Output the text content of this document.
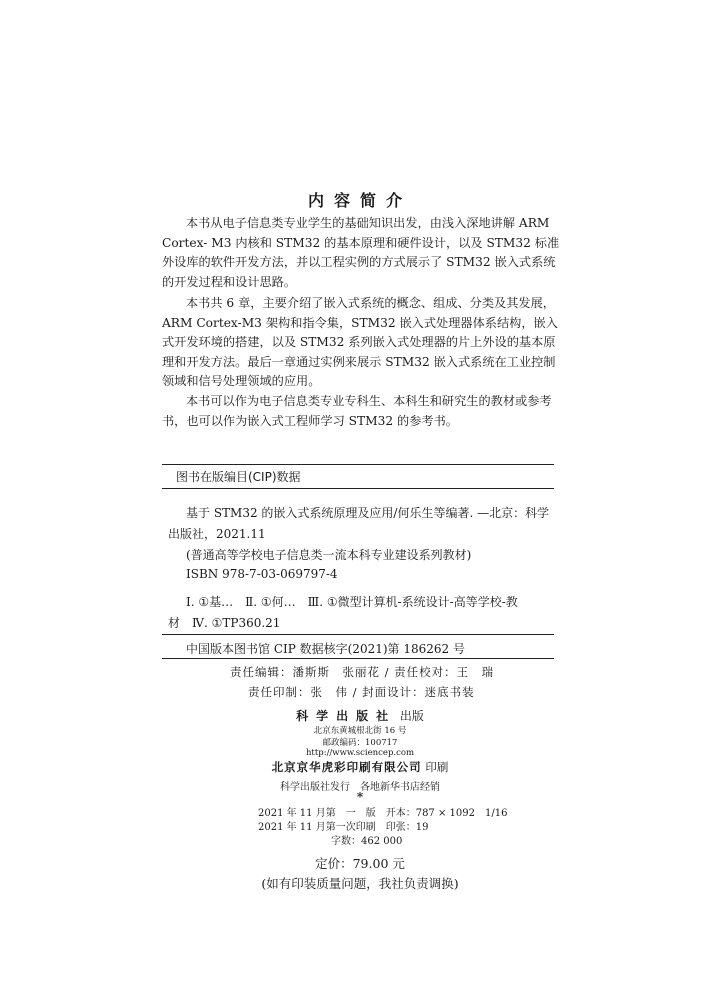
内容简介

本书从电子信息类专业学生的基础知识出发，由浅入深地讲解 ARM Cortex- M3 内核和 STM32 的基本原理和硬件设计，以及 STM32 标准外设库的软件开发方法，并以工程实例的方式展示了 STM32 嵌入式系统的开发过程和设计思路。

本书共 6 章，主要介绍了嵌入式系统的概念、组成、分类及其发展，ARM Cortex-M3 架构和指令集，STM32 嵌入式处理器体系结构，嵌入式开发环境的搭建，以及 STM32 系列嵌入式处理器的片上外设的基本原理和开发方法。最后一章通过实例来展示 STM32 嵌入式系统在工业控制领域和信号处理领域的应用。

本书可以作为电子信息类专业专科生、本科生和研究生的教材或参考书，也可以作为嵌入式工程师学习 STM32 的参考书。

图书在版编目(CIP)数据
基于 STM32 的嵌入式系统原理及应用/何乐生等编著. —北京：科学
出版社，2021.11
(普通高等学校电子信息类一流本科专业建设系列教材)
ISBN 978-7-03-069797-4
Ⅰ. ①基…　Ⅱ. ①何…　Ⅲ. ①微型计算机-系统设计-高等学校-教
材　Ⅳ. ①TP360.21
中国版本图书馆 CIP 数据核字(2021)第 186262 号
责任编辑：潘斯斯　张丽花 / 责任校对：王　瑞
责任印制：张　伟 / 封面设计：迷底书装
科学出版社 出版
北京东黄城根北街 16 号
邮政编码：100717
http://www.sciencep.com
北京京华虎彩印刷有限公司 印刷
科学出版社发行　各地新华书店经销
*
2021 年 11 月第　一　版　开本：787 × 1092　1/16
2021 年 11 月第一次印刷　印张：19
字数：462 000
定价：79.00 元
(如有印装质量问题，我社负责调换)
